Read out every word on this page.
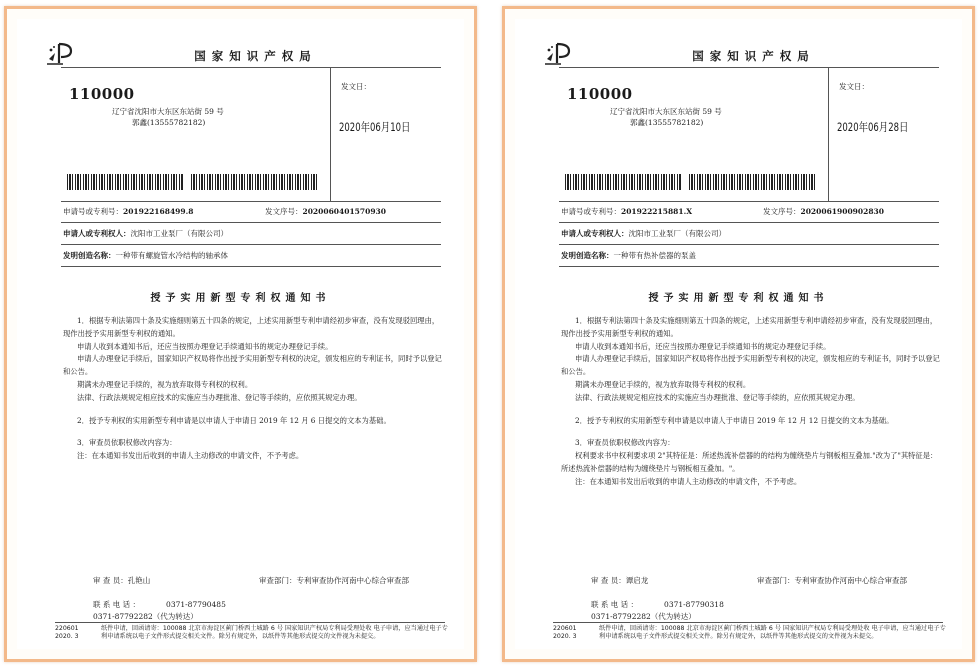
国家知识产权局
110000
辽宁省沈阳市大东区东站街 59 号
郭鑫(13555782182)
发文日：
2020年06月10日
申请号或专利号：201922168499.8	发文序号：2020060401570930
申请人或专利权人：沈阳市工业泵厂（有限公司）
发明创造名称：一种带有螺旋管水冷结构的轴承体
授予实用新型专利权通知书

1．根据专利法第四十条及实施细则第五十四条的规定，上述实用新型专利申请经初步审查，没有发现驳回理由，现作出授予实用新型专利权的通知。

申请人收到本通知书后，还应当按照办理登记手续通知书的规定办理登记手续。

申请人办理登记手续后，国家知识产权局将作出授予实用新型专利权的决定，颁发相应的专利证书，同时予以登记和公告。

期满未办理登记手续的，视为放弃取得专利权的权利。

法律、行政法规规定相应技术的实施应当办理批准、登记等手续的，应依照其规定办理。

2．授予专利权的实用新型专利申请是以申请人于申请日 2019 年 12 月 6 日提交的文本为基础。

3．审查员依职权修改内容为：

注：在本通知书发出后收到的申请人主动修改的申请文件，不予考虑。

审 查 员：孔艳山	审查部门：专利审查协作河南中心综合审查部
联 系 电 话 ：	0371-87790485
0371-87792282（代为转达）
220601
2020. 3
纸件申请，回函请寄：100088 北京市海淀区蓟门桥西土城路 6 号 国家知识产权局专利局受理处收 电子申请，应当通过电子专利申请系统以电子文件形式提交相关文件。除另有规定外，以纸件等其他形式提交的文件视为未提交。
国家知识产权局
110000
辽宁省沈阳市大东区东站街 59 号
郭鑫(13555782182)
发文日：
2020年06月28日
申请号或专利号：201922215881.X	发文序号：2020061900902830
申请人或专利权人：沈阳市工业泵厂（有限公司）
发明创造名称：一种带有热补偿器的泵盖
授予实用新型专利权通知书

1．根据专利法第四十条及实施细则第五十四条的规定，上述实用新型专利申请经初步审查，没有发现驳回理由，现作出授予实用新型专利权的通知。

申请人收到本通知书后，还应当按照办理登记手续通知书的规定办理登记手续。

申请人办理登记手续后，国家知识产权局将作出授予实用新型专利权的决定，颁发相应的专利证书，同时予以登记和公告。

期满未办理登记手续的，视为放弃取得专利权的权利。

法律、行政法规规定相应技术的实施应当办理批准、登记等手续的，应依照其规定办理。

2．授予专利权的实用新型专利申请是以申请人于申请日 2019 年 12 月 12 日提交的文本为基础。

3．审查员依职权修改内容为：

权利要求书中权利要求项 2"其特征是：所述热流补偿器的的结构为缠绕垫片与钢板相互叠加."改为了"其特征是：所述热流补偿器的结构为缠绕垫片与钢板相互叠加。"。

注：在本通知书发出后收到的申请人主动修改的申请文件，不予考虑。

审 查 员：谭启龙	审查部门：专利审查协作河南中心综合审查部
联 系 电 话 ：	0371-87790318
0371-87792282（代为转达）
220601
2020. 3
纸件申请，回函请寄：100088 北京市海淀区蓟门桥西土城路 6 号 国家知识产权局专利局受理处收 电子申请，应当通过电子专利申请系统以电子文件形式提交相关文件。除另有规定外，以纸件等其他形式提交的文件视为未提交。
